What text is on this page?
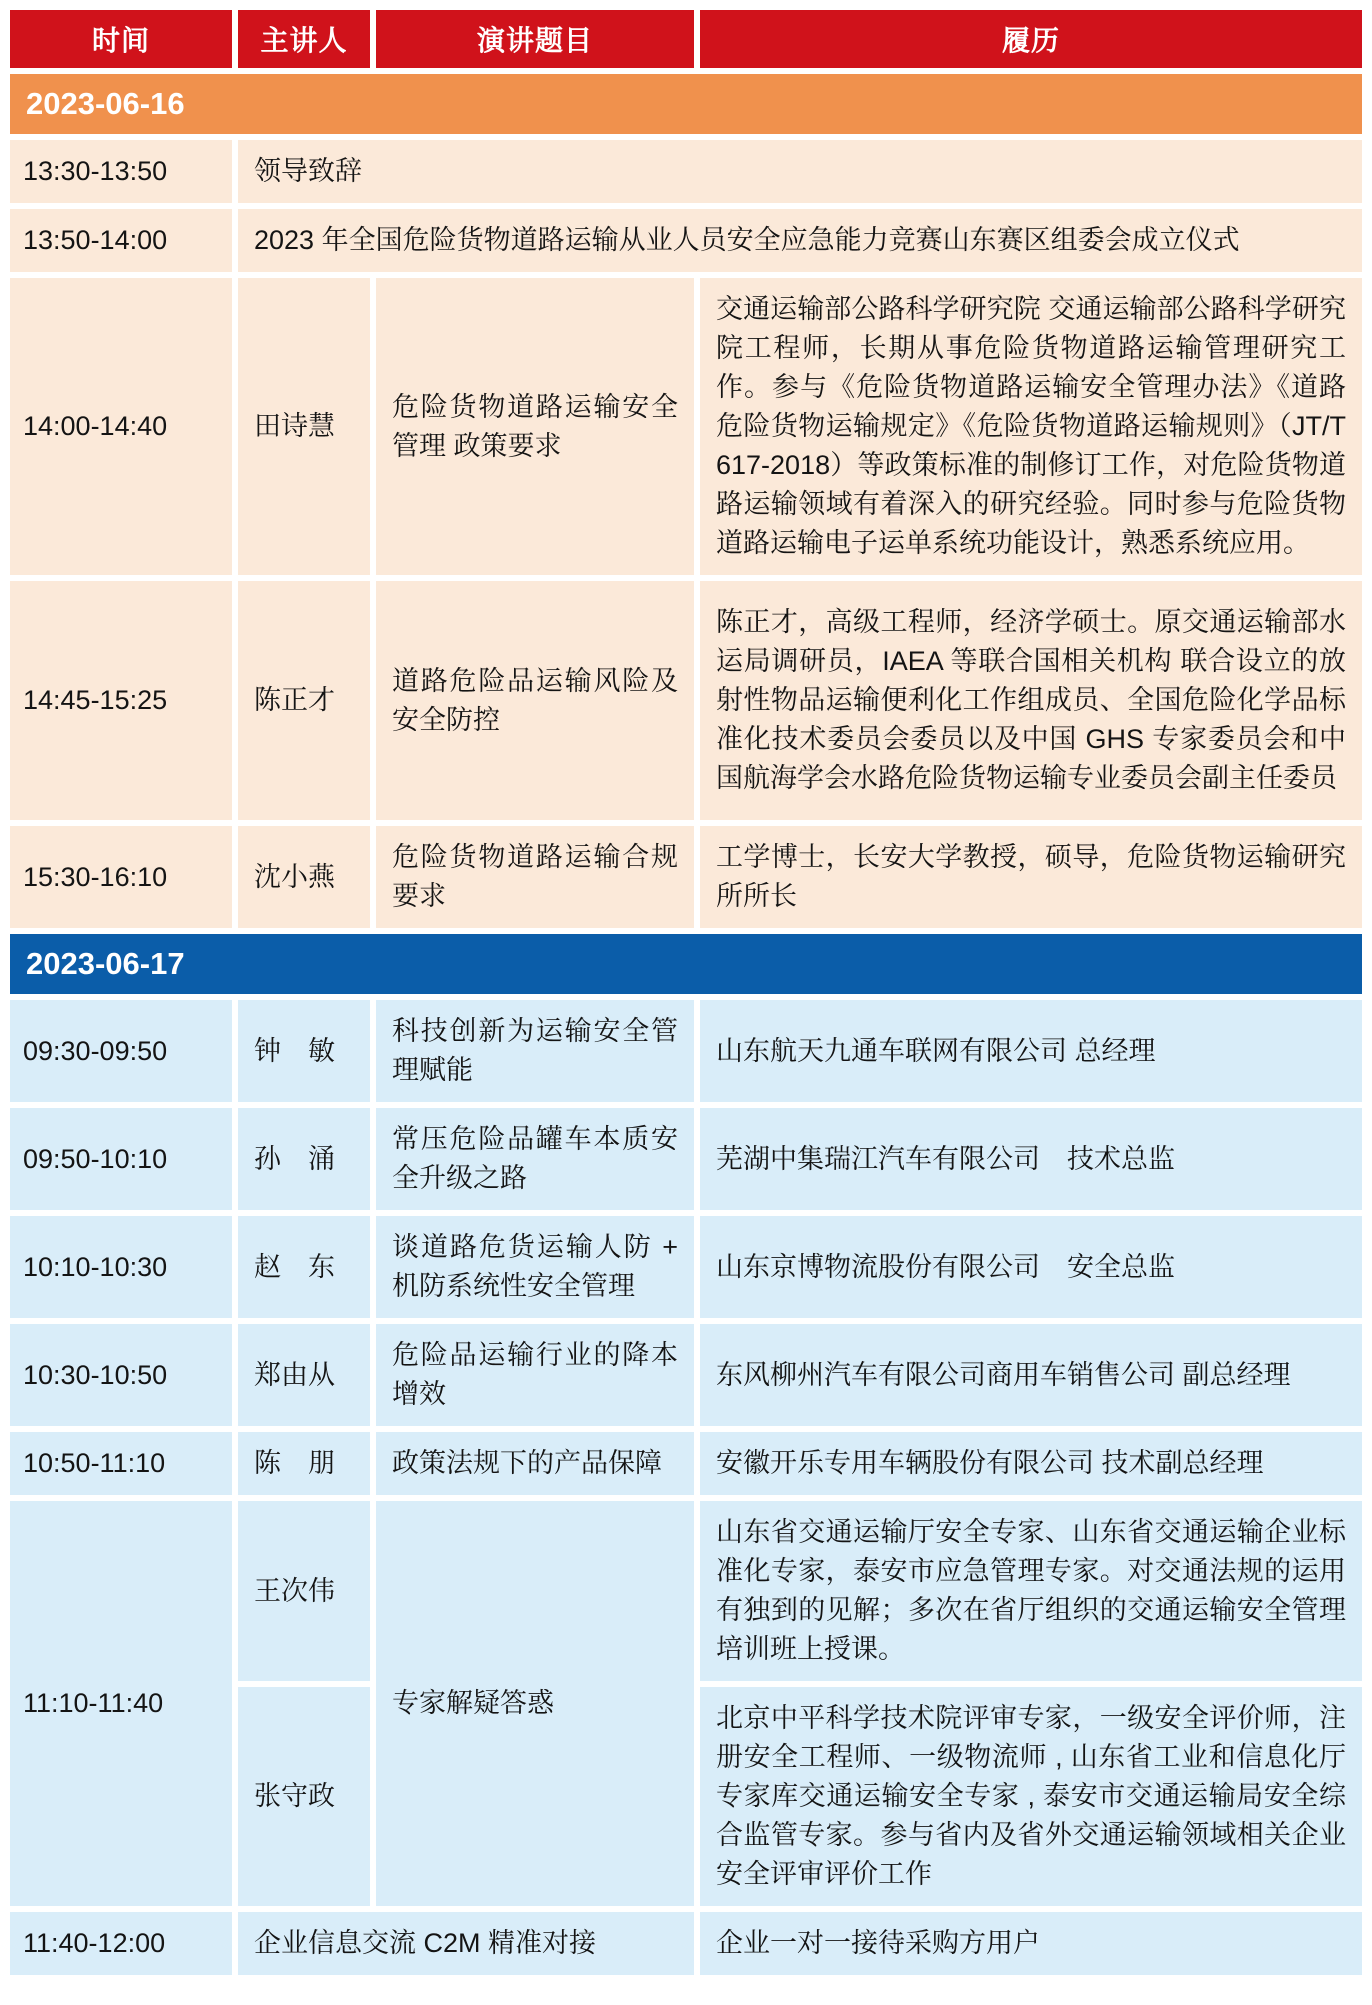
时间	主讲人	演讲题目	履历
2023-06-16			
13:30-13:50	领导致辞		
13:50-14:00	2023 年全国危险货物道路运输从业人员安全应急能力竞赛山东赛区组委会成立仪式		
14:00-14:40	田诗慧	危险货物道路运输安全管理 政策要求	交通运输部公路科学研究院 交通运输部公路科学研究院工程师，长期从事危险货物道路运输管理研究工作。参与《危险货物道路运输安全管理办法》《道路危险货物运输规定》《危险货物道路运输规则》（JT/T 617-2018）等政策标准的制修订工作，对危险货物道路运输领域有着深入的研究经验。同时参与危险货物道路运输电子运单系统功能设计，熟悉系统应用。
14:45-15:25	陈正才	道路危险品运输风险及安全防控	陈正才，高级工程师，经济学硕士。原交通运输部水运局调研员，IAEA 等联合国相关机构 联合设立的放射性物品运输便利化工作组成员、全国危险化学品标准化技术委员会委员以及中国 GHS 专家委员会和中国航海学会水路危险货物运输专业委员会副主任委员
15:30-16:10	沈小燕	危险货物道路运输合规要求	工学博士，长安大学教授，硕导，危险货物运输研究所所长
2023-06-17			
09:30-09:50	钟　敏	科技创新为运输安全管理赋能	山东航天九通车联网有限公司 总经理
09:50-10:10	孙　涌	常压危险品罐车本质安全升级之路	芜湖中集瑞江汽车有限公司　技术总监
10:10-10:30	赵　东	谈道路危货运输人防 + 机防系统性安全管理	山东京博物流股份有限公司　安全总监
10:30-10:50	郑由从	危险品运输行业的降本增效	东风柳州汽车有限公司商用车销售公司 副总经理
10:50-11:10	陈　朋	政策法规下的产品保障	安徽开乐专用车辆股份有限公司 技术副总经理
11:10-11:40	王次伟	专家解疑答惑	山东省交通运输厅安全专家、山东省交通运输企业标准化专家，泰安市应急管理专家。对交通法规的运用有独到的见解；多次在省厅组织的交通运输安全管理培训班上授课。
	张守政		北京中平科学技术院评审专家，一级安全评价师，注册安全工程师、一级物流师 , 山东省工业和信息化厅专家库交通运输安全专家 , 泰安市交通运输局安全综合监管专家。参与省内及省外交通运输领域相关企业安全评审评价工作
11:40-12:00	企业信息交流 C2M 精准对接		企业一对一接待采购方用户
